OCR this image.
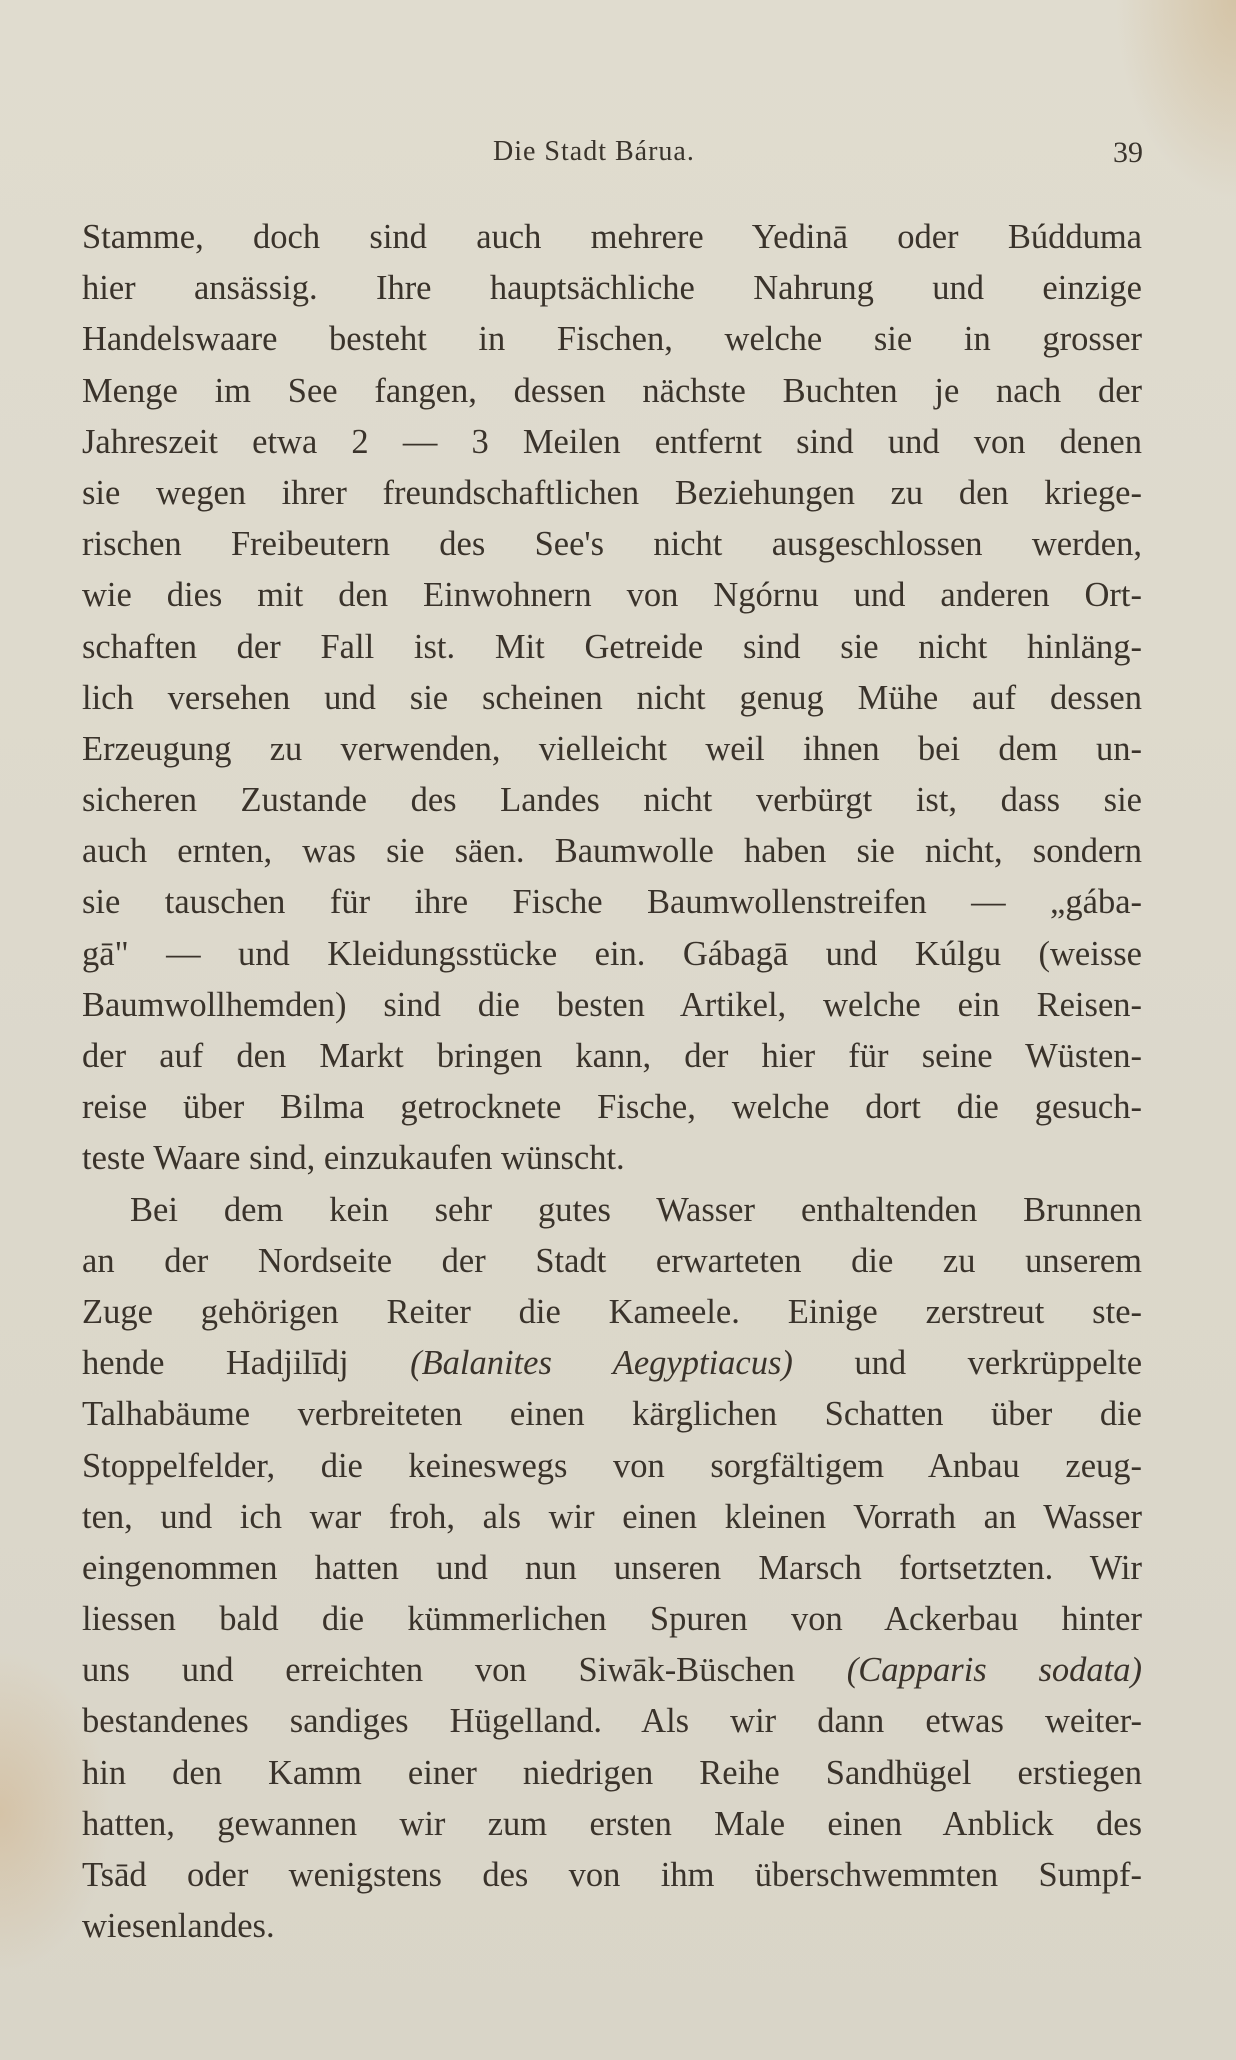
Die Stadt Bárua.	39
Stamme, doch sind auch mehrere Yedinā oder Búdduma
hier ansässig. Ihre hauptsächliche Nahrung und einzige
Handelswaare besteht in Fischen, welche sie in grosser
Menge im See fangen, dessen nächste Buchten je nach der
Jahreszeit etwa 2 — 3 Meilen entfernt sind und von denen
sie wegen ihrer freundschaftlichen Beziehungen zu den kriege-
rischen Freibeutern des See's nicht ausgeschlossen werden,
wie dies mit den Einwohnern von Ngórnu und anderen Ort-
schaften der Fall ist. Mit Getreide sind sie nicht hinläng-
lich versehen und sie scheinen nicht genug Mühe auf dessen
Erzeugung zu verwenden, vielleicht weil ihnen bei dem un-
sicheren Zustande des Landes nicht verbürgt ist, dass sie
auch ernten, was sie säen. Baumwolle haben sie nicht, sondern
sie tauschen für ihre Fische Baumwollenstreifen — „gába-
gā" — und Kleidungsstücke ein. Gábagā und Kúlgu (weisse
Baumwollhemden) sind die besten Artikel, welche ein Reisen-
der auf den Markt bringen kann, der hier für seine Wüsten-
reise über Bilma getrocknete Fische, welche dort die gesuch-
teste Waare sind, einzukaufen wünscht.
Bei dem kein sehr gutes Wasser enthaltenden Brunnen
an der Nordseite der Stadt erwarteten die zu unserem
Zuge gehörigen Reiter die Kameele. Einige zerstreut ste-
hende Hadjilīdj (Balanites Aegyptiacus) und verkrüppelte
Talhabäume verbreiteten einen kärglichen Schatten über die
Stoppelfelder, die keineswegs von sorgfältigem Anbau zeug-
ten, und ich war froh, als wir einen kleinen Vorrath an Wasser
eingenommen hatten und nun unseren Marsch fortsetzten. Wir
liessen bald die kümmerlichen Spuren von Ackerbau hinter
uns und erreichten von Siwāk-Büschen (Capparis sodata)
bestandenes sandiges Hügelland. Als wir dann etwas weiter-
hin den Kamm einer niedrigen Reihe Sandhügel erstiegen
hatten, gewannen wir zum ersten Male einen Anblick des
Tsād oder wenigstens des von ihm überschwemmten Sumpf-
wiesenlandes.
